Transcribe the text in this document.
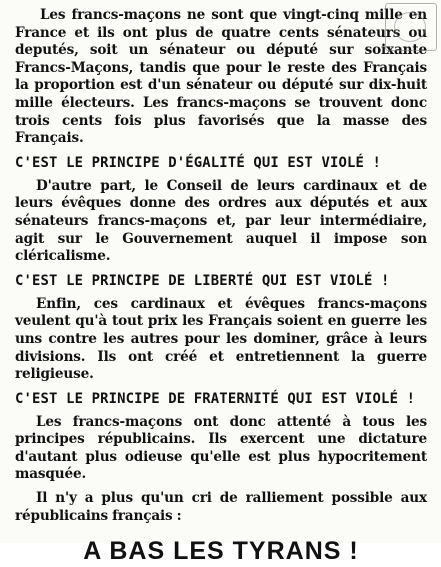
Les francs-maçons ne sont que vingt-cinq mille en France et ils ont plus de quatre cents sénateurs ou deputés, soit un sénateur ou député sur soixante Francs-Maçons, tandis que pour le reste des Français la proportion est d'un sénateur ou député sur dix-huit mille électeurs. Les francs-maçons se trouvent donc trois cents fois plus favorisés que la masse des Français.

C'EST LE PRINCIPE D'ÉGALITÉ QUI EST VIOLÉ !

D'autre part, le Conseil de leurs cardinaux et de leurs évêques donne des ordres aux députés et aux sénateurs francs-maçons et, par leur intermédiaire, agit sur le Gouvernement auquel il impose son cléricalisme.

C'EST LE PRINCIPE DE LIBERTÉ QUI EST VIOLÉ !

Enfin, ces cardinaux et évêques francs-maçons veulent qu'à tout prix les Français soient en guerre les uns contre les autres pour les dominer, grâce à leurs divisions. Ils ont créé et entretiennent la guerre religieuse.

C'EST LE PRINCIPE DE FRATERNITÉ QUI EST VIOLÉ !

Les francs-maçons ont donc attenté à tous les principes républicains. Ils exercent une dictature d'autant plus odieuse qu'elle est plus hypocritement masquée.

Il n'y a plus qu'un cri de ralliement possible aux républicains français :

A BAS LES TYRANS !
